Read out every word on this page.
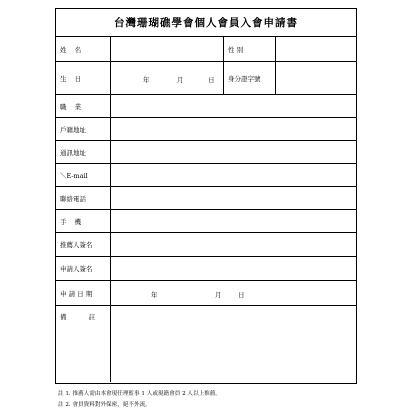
台灣珊瑚礁學會個人會員入會申請書
姓 名	性 別
生 日	年	月	日	身分證字號
職 業
戶籍地址
通訊地址
＼E-mail
聯絡電話
手 機
推薦人簽名
申請人簽名
申 請 日 期	年	月	日
備 註
註 1. 推薦人需由本會現任理監事 1 人或現籍會員 2 人以上推薦。
註 2. 會員資料對外保密，絕不外流。
